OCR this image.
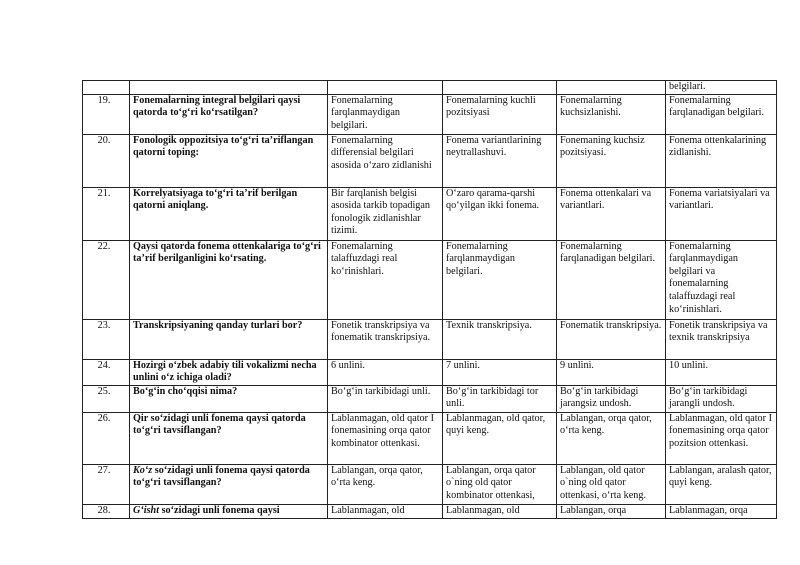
					belgilari.
19.	Fonemalarning integral belgilari qaysi qatorda to‘g‘ri ko‘rsatilgan?	Fonemalarning farqlanmaydigan belgilari.	Fonemalarning kuchli pozitsiyasi	Fonemalarning kuchsizlanishi.	Fonemalarning farqlanadigan belgilari.
20.	Fonologik oppozitsiya to‘g‘ri ta’riflangan qatorni toping:	Fonemalarning differensial belgilari asosida o‘zaro zidlanishi	Fonema variantlarining neytrallashuvi.	Fonemaning kuchsiz pozitsiyasi.	Fonema ottenkalarining zidlanishi.
21.	Korrelyatsiyaga to‘g‘ri ta’rif berilgan qatorni aniqlang.	Bir farqlanish belgisi asosida tarkib topadigan fonologik zidlanishlar tizimi.	O‘zaro qarama-qarshi qo‘yilgan ikki fonema.	Fonema ottenkalari va variantlari.	Fonema variatsiyalari va variantlari.
22.	Qaysi qatorda fonema ottenkalariga to‘g‘ri ta’rif berilganligini ko‘rsating.	Fonemalarning talaffuzdagi real ko‘rinishlari.	Fonemalarning farqlanmaydigan belgilari.	Fonemalarning farqlanadigan belgilari.	Fonemalarning farqlanmaydigan belgilari va fonemalarning talaffuzdagi real ko‘rinishlari.
23.	Transkripsiyaning qanday turlari bor?	Fonetik transkripsiya va fonematik transkripsiya.	Texnik transkripsiya.	Fonematik transkripsiya.	Fonetik transkripsiya va texnik transkripsiya
24.	Hozirgi o‘zbek adabiy tili vokalizmi necha unlini o‘z ichiga oladi?	6 unlini.	7 unlini.	9 unlini.	10 unlini.
25.	Bo‘g‘in cho‘qqisi nima?	Bo‘g‘in tarkibidagi unli.	Bo‘g‘in tarkibidagi tor unli.	Bo‘g‘in tarkibidagi jarangsiz undosh.	Bo‘g‘in tarkibidagi jarangli undosh.
26.	Qir so‘zidagi unli fonema qaysi qatorda to‘g‘ri tavsiflangan?	Lablanmagan, old qator I fonemasining orqa qator kombinator ottenkasi.	Lablanmagan, old qator, quyi keng.	Lablangan, orqa qator, o‘rta keng.	Lablanmagan, old qator I fonemasining orqa qator pozitsion ottenkasi.
27.	Ko‘z so‘zidagi unli fonema qaysi qatorda to‘g‘ri tavsiflangan?	Lablangan, orqa qator, o‘rta keng.	Lablangan, orqa qator o`ning old qator kombinator ottenkasi,	Lablangan, old qator o`ning old qator ottenkasi, o‘rta keng.	Lablangan, aralash qator, quyi keng.
28.	G‘isht so‘zidagi unli fonema qaysi	Lablanmagan, old	Lablanmagan, old	Lablangan, orqa	Lablanmagan, orqa
